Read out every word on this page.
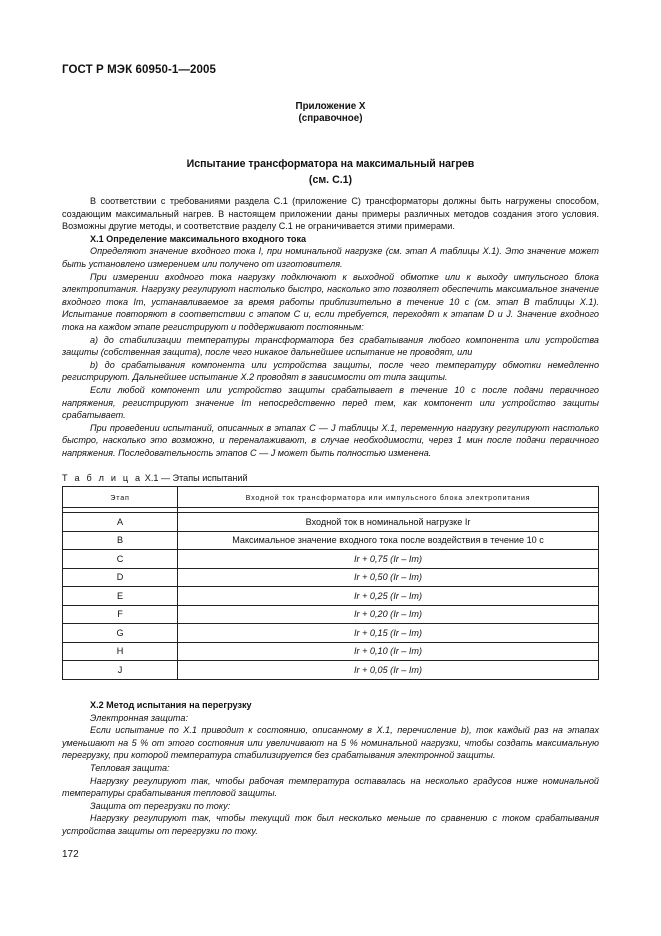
ГОСТ Р МЭК 60950-1—2005
Приложение X
(справочное)
Испытание трансформатора на максимальный нагрев
(см. С.1)

В соответствии с требованиями раздела С.1 (приложение С) трансформаторы должны быть нагружены способом, создающим максимальный нагрев. В настоящем приложении даны примеры различных методов создания этого условия. Возможны другие методы, и соответствие разделу С.1 не ограничивается этими примерами.

X.1 Определение максимального входного тока

Определяют значение входного тока I, при номинальной нагрузке (см. этап А таблицы X.1). Это значение может быть установлено измерением или получено от изготовителя.

При измерении входного тока нагрузку подключают к выходной обмотке или к выходу импульсного блока электропитания. Нагрузку регулируют настолько быстро, насколько это позволяет обеспечить максимальное значение входного тока Im, устанавливаемое за время работы приблизительно в течение 10 с (см. этап В таблицы X.1). Испытание повторяют в соответствии с этапом С и, если требуется, переходят к этапам D и J. Значение входного тока на каждом этапе регистрируют и поддерживают постоянным:

а) до стабилизации температуры трансформатора без срабатывания любого компонента или устройства защиты (собственная защита), после чего никакое дальнейшее испытание не проводят, или

b) до срабатывания компонента или устройства защиты, после чего температуру обмотки немедленно регистрируют. Дальнейшее испытание X.2 проводят в зависимости от типа защиты.

Если любой компонент или устройство защиты срабатывает в течение 10 с после подачи первичного напряжения, регистрируют значение Im непосредственно перед тем, как компонент или устройство защиты срабатывает.

При проведении испытаний, описанных в этапах С — J таблицы X.1, переменную нагрузку регулируют настолько быстро, насколько это возможно, и переналаживают, в случае необходимости, через 1 мин после подачи первичного напряжения. Последовательность этапов С — J может быть полностью изменена.

Т а б л и ц а X.1 — Этапы испытаний
Этап	Входной ток трансформатора или импульсного блока электропитания

A	Входной ток в номинальной нагрузке Ir
B	Максимальное значение входного тока после воздействия в течение 10 с
C	Ir + 0,75 (Ir – Im)
D	Ir + 0,50 (Ir – Im)
E	Ir + 0,25 (Ir – Im)
F	Ir + 0,20 (Ir – Im)
G	Ir + 0,15 (Ir – Im)
H	Ir + 0,10 (Ir – Im)
J	Ir + 0,05 (Ir – Im)

X.2 Метод испытания на перегрузку

Электронная защита:

Если испытание по X.1 приводит к состоянию, описанному в X.1, перечисление b), ток каждый раз на этапах уменьшают на 5 % от этого состояния или увеличивают на 5 % номинальной нагрузки, чтобы создать максимальную перегрузку, при которой температура стабилизируется без срабатывания электронной защиты.

Тепловая защита:

Нагрузку регулируют так, чтобы рабочая температура оставалась на несколько градусов ниже номинальной температуры срабатывания тепловой защиты.

Защита от перегрузки по току:

Нагрузку регулируют так, чтобы текущий ток был несколько меньше по сравнению с током срабатывания устройства защиты от перегрузки по току.

172
